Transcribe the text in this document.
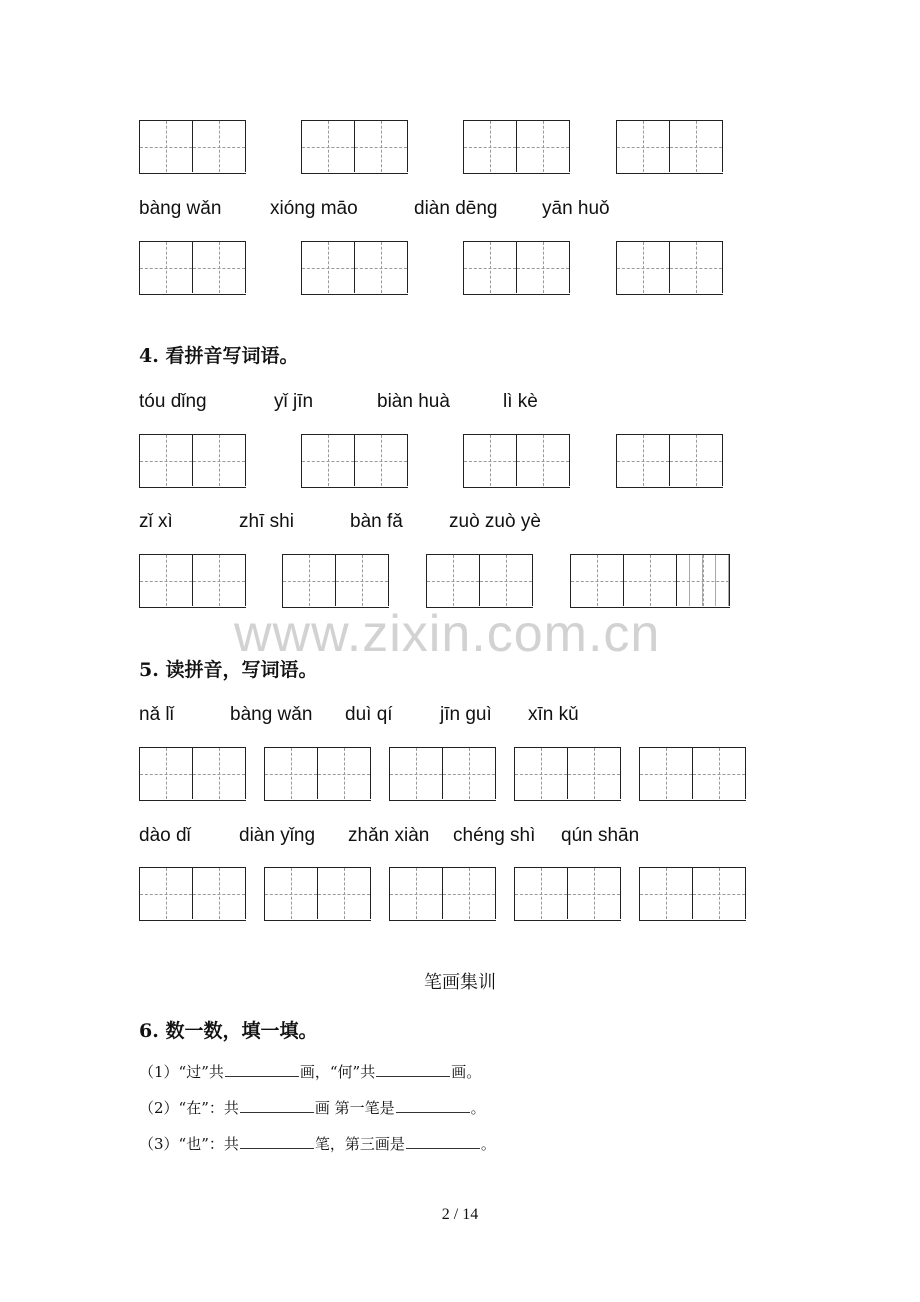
www.zixin.com.cn
bàng wǎn	xióng māo	diàn dēng yān huǒ
4. 看拼音写词语。
tóu dǐng	yǐ jīn	biàn huà	lì kè
zǐ xì	zhī shi	bàn fǎ zuò zuò yè
5. 读拼音，写词语。
nǎ lǐ	bàng wǎn duì qí jīn guì xīn kǔ
dào dǐ	diàn yǐng zhǎn xiàn chéng shì qún shān
笔画集训
6. 数一数，填一填。
（1）“过”共	画，“何”共	画。
（2）“在”：共	画 第一笔是	。
（3）“也”：共	笔，第三画是	。
2 / 14
